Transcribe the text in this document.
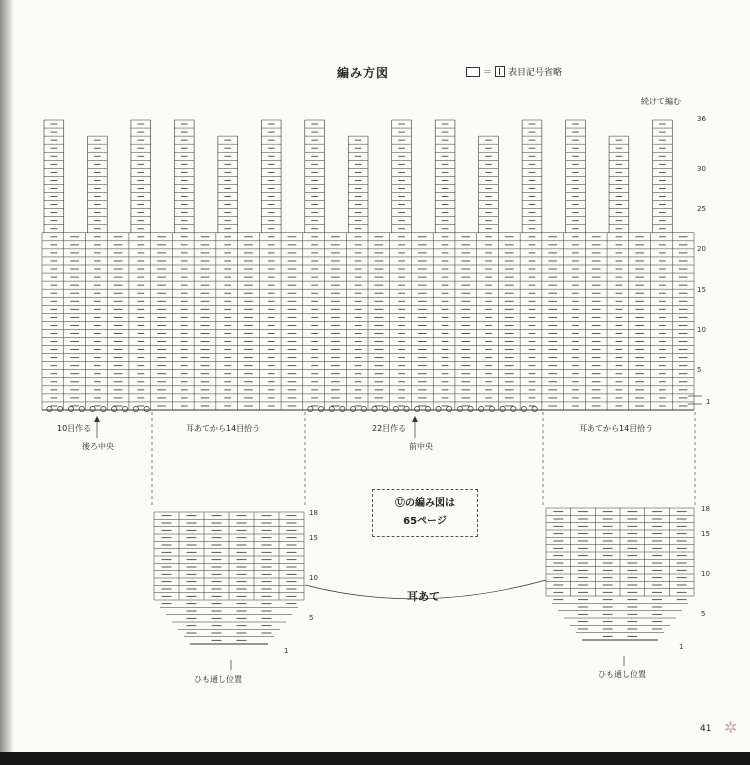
✲
編み方図	＝ 表目記号省略
続けて編む
36
30
25
20
15
10
5
1
10目作る
後ろ中央
耳あてから14目拾う	22目作る
前中央
耳あてから14目拾う
Ⓤの編み図は
65ページ
耳あて
18
15
10
5
1
18
15
10
5
1
ひも通し位置
ひも通し位置
41
